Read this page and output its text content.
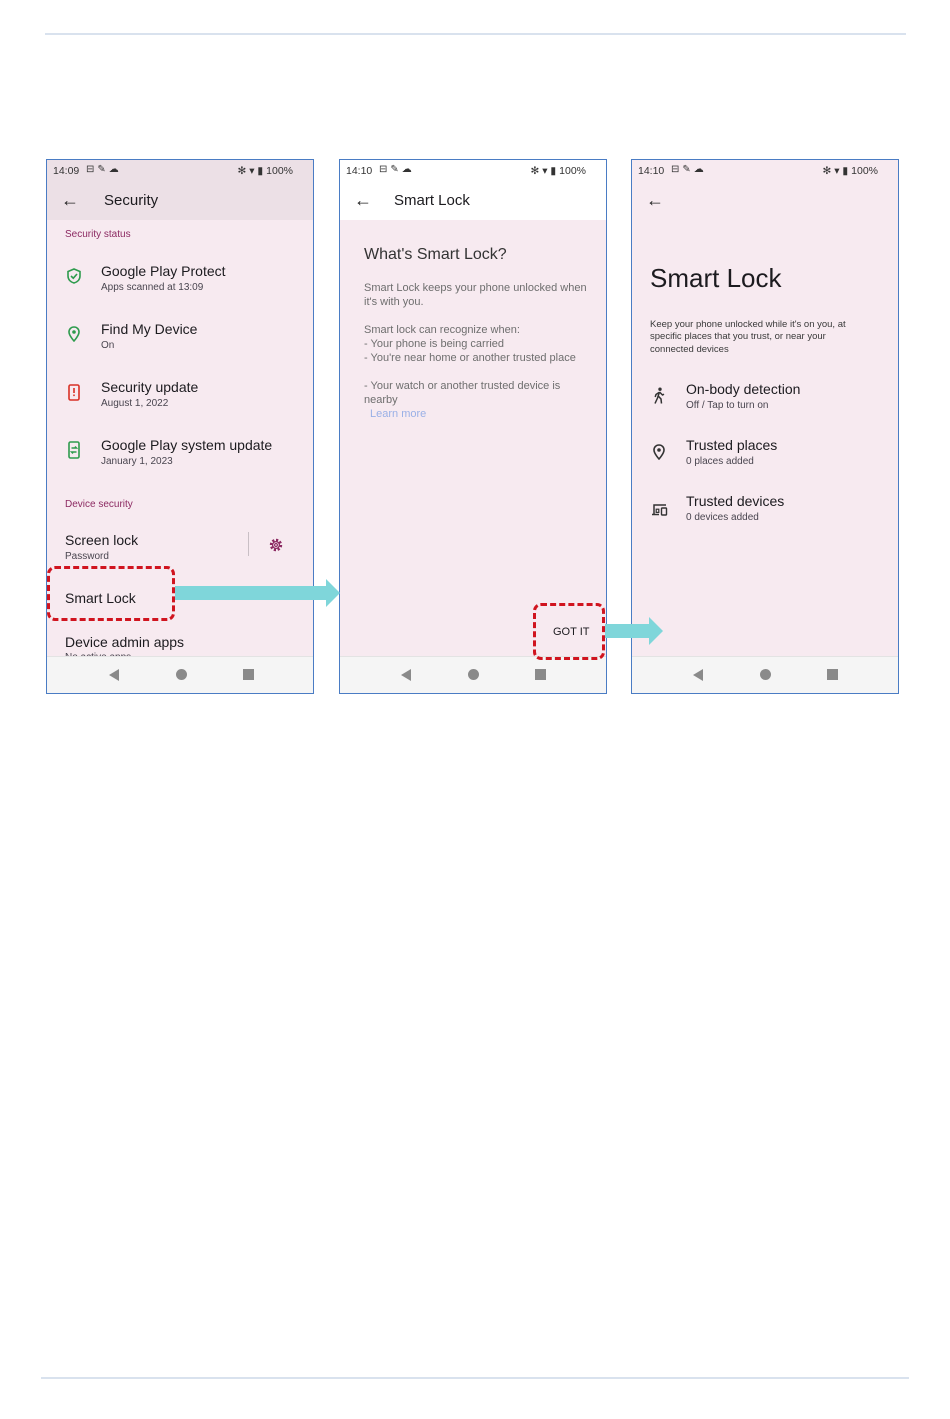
14:09 ⊟✎☁	✻ ▾ ▮ 100%
← Security
Security status
Google Play Protect
Apps scanned at 13:09
Find My Device
On
Security update
August 1, 2022
Google Play system update
January 1, 2023
Device security
Screen lock
Password
Smart Lock
Device admin apps
14:10 ⊟✎☁	✻ ▾ ▮ 100%
← Smart Lock
What's Smart Lock?
Smart Lock keeps your phone unlocked when it's with you.
Smart lock can recognize when:
- Your phone is being carried
- You're near home or another trusted place
- Your watch or another trusted device is nearby
Learn more
GOT IT
14:10 ⊟✎☁	✻ ▾ ▮ 100%
←
Smart Lock
Keep your phone unlocked while it's on you, at specific places that you trust, or near your connected devices
On-body detection
Off / Tap to turn on
Trusted places
0 places added
Trusted devices
0 devices added
